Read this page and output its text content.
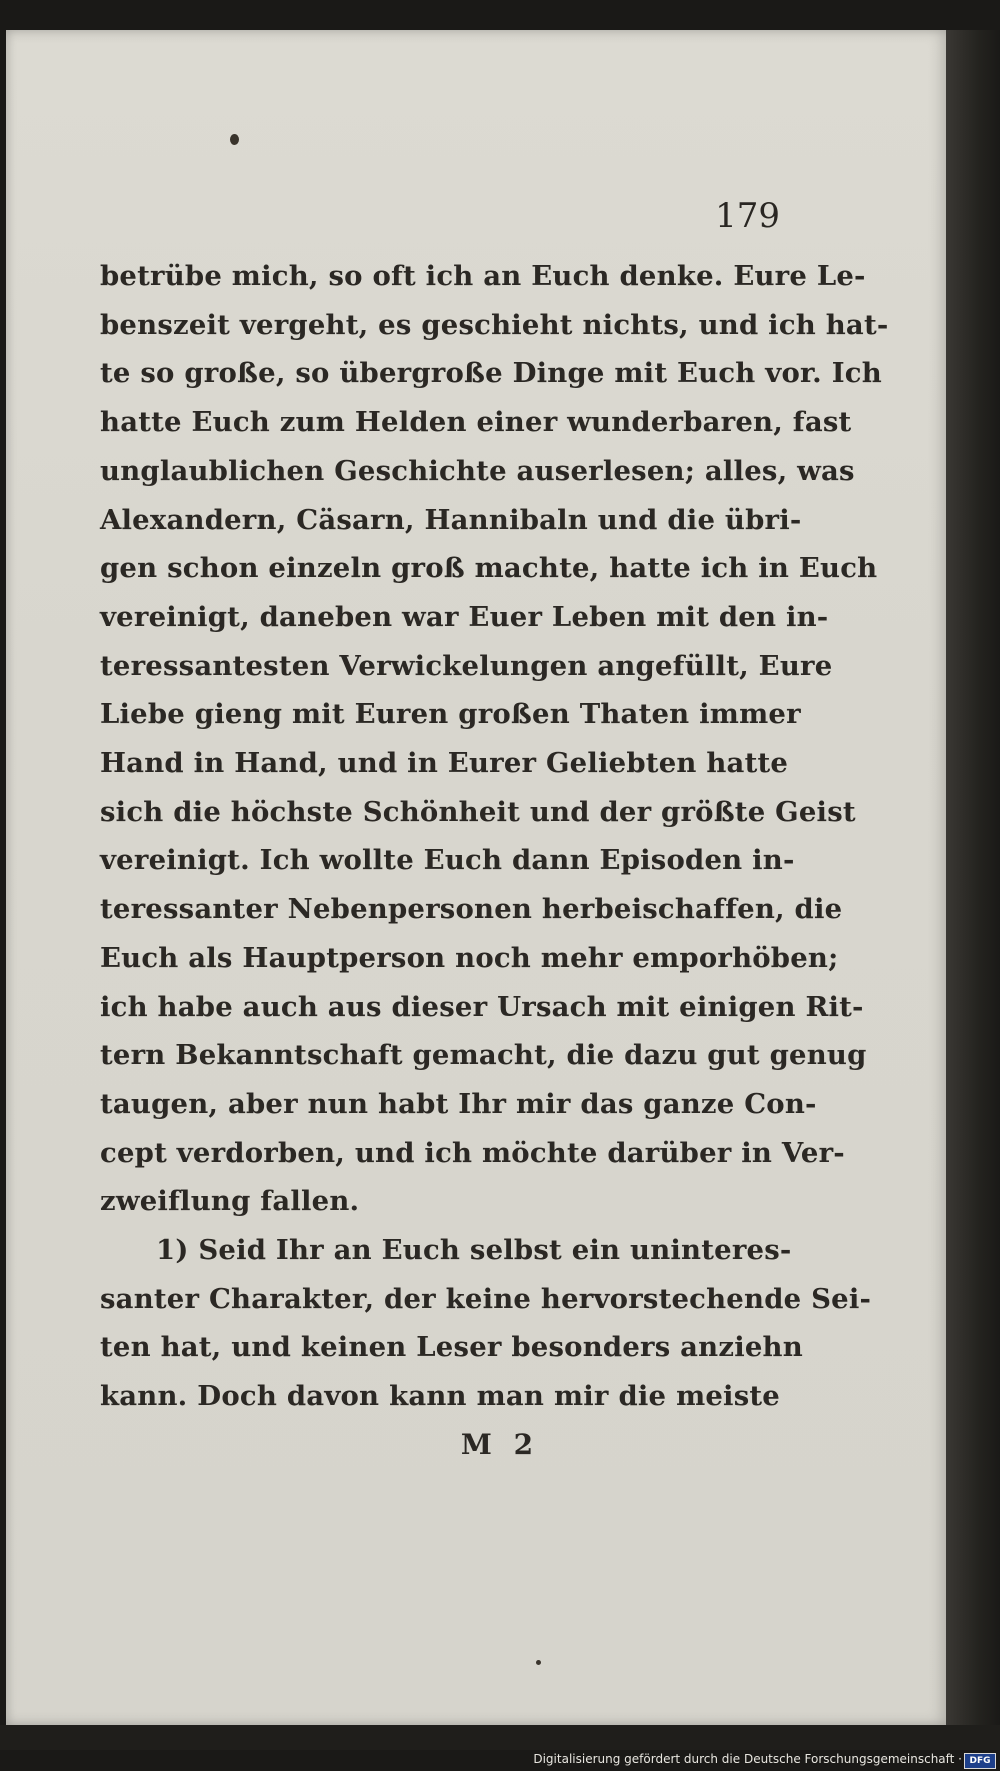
179
betrübe mich, so oft ich an Euch denke. Eure Le-
benszeit vergeht, es geschieht nichts, und ich hat-
te so große, so übergroße Dinge mit Euch vor. Ich
hatte Euch zum Helden einer wunderbaren, fast
unglaublichen Geschichte auserlesen; alles, was
Alexandern, Cäsarn, Hannibaln und die übri-
gen schon einzeln groß machte, hatte ich in Euch
vereinigt, daneben war Euer Leben mit den in-
teressantesten Verwickelungen angefüllt, Eure
Liebe gieng mit Euren großen Thaten immer
Hand in Hand, und in Eurer Geliebten hatte
sich die höchste Schönheit und der größte Geist
vereinigt. Ich wollte Euch dann Episoden in-
teressanter Nebenpersonen herbeischaffen, die
Euch als Hauptperson noch mehr emporhöben;
ich habe auch aus dieser Ursach mit einigen Rit-
tern Bekanntschaft gemacht, die dazu gut genug
taugen, aber nun habt Ihr mir das ganze Con-
cept verdorben, und ich möchte darüber in Ver-
zweiflung fallen.
1) Seid Ihr an Euch selbst ein uninteres-
santer Charakter, der keine hervorstechende Sei-
ten hat, und keinen Leser besonders anziehn
kann. Doch davon kann man mir die meiste
M 2
Digitalisierung gefördert durch die Deutsche Forschungsgemeinschaft · DFG
